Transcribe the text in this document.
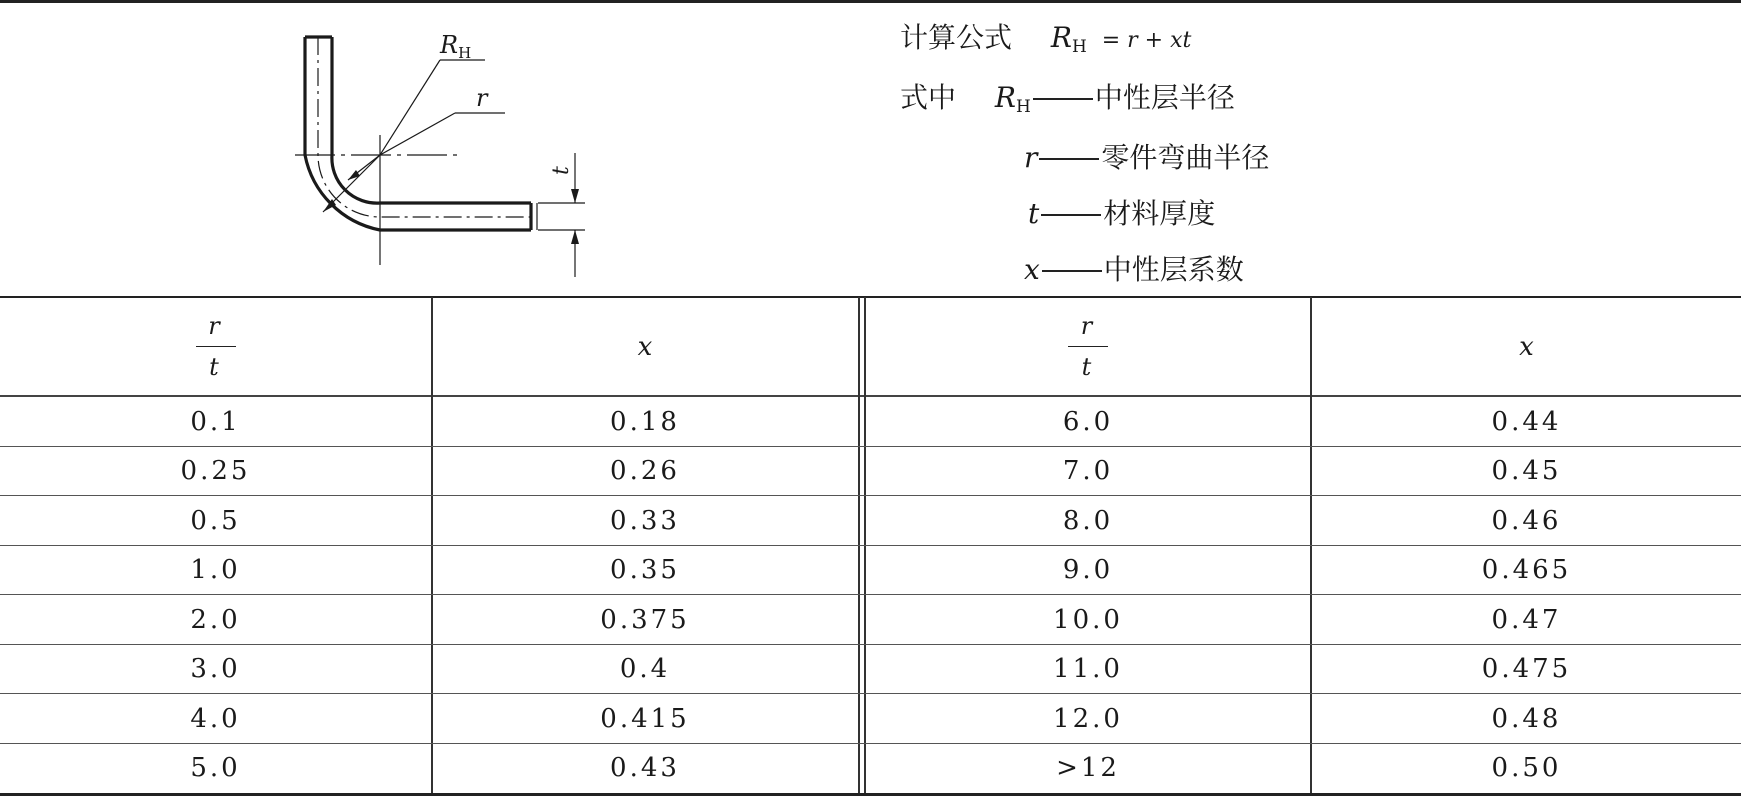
$R_H$
r
t
计算公式 $R_H = r$ + xt
式中 $R_H$ 中性层半径
r 零件弯曲半径
t 材料厚度
x 中性层系数
$\frac{r}{t}$	x	$\frac{r}{t}$	x
0.1	0.18	6.0	0.44
0.25	0.26	7.0	0.45
0.5	0.33	8.0	0.46
1.0	0.35	9.0	0.465
2.0	0.375	10.0	0.47
3.0	0.4	11.0	0.475
4.0	0.415	12.0	0.48
5.0	0.43	>12	0.50
